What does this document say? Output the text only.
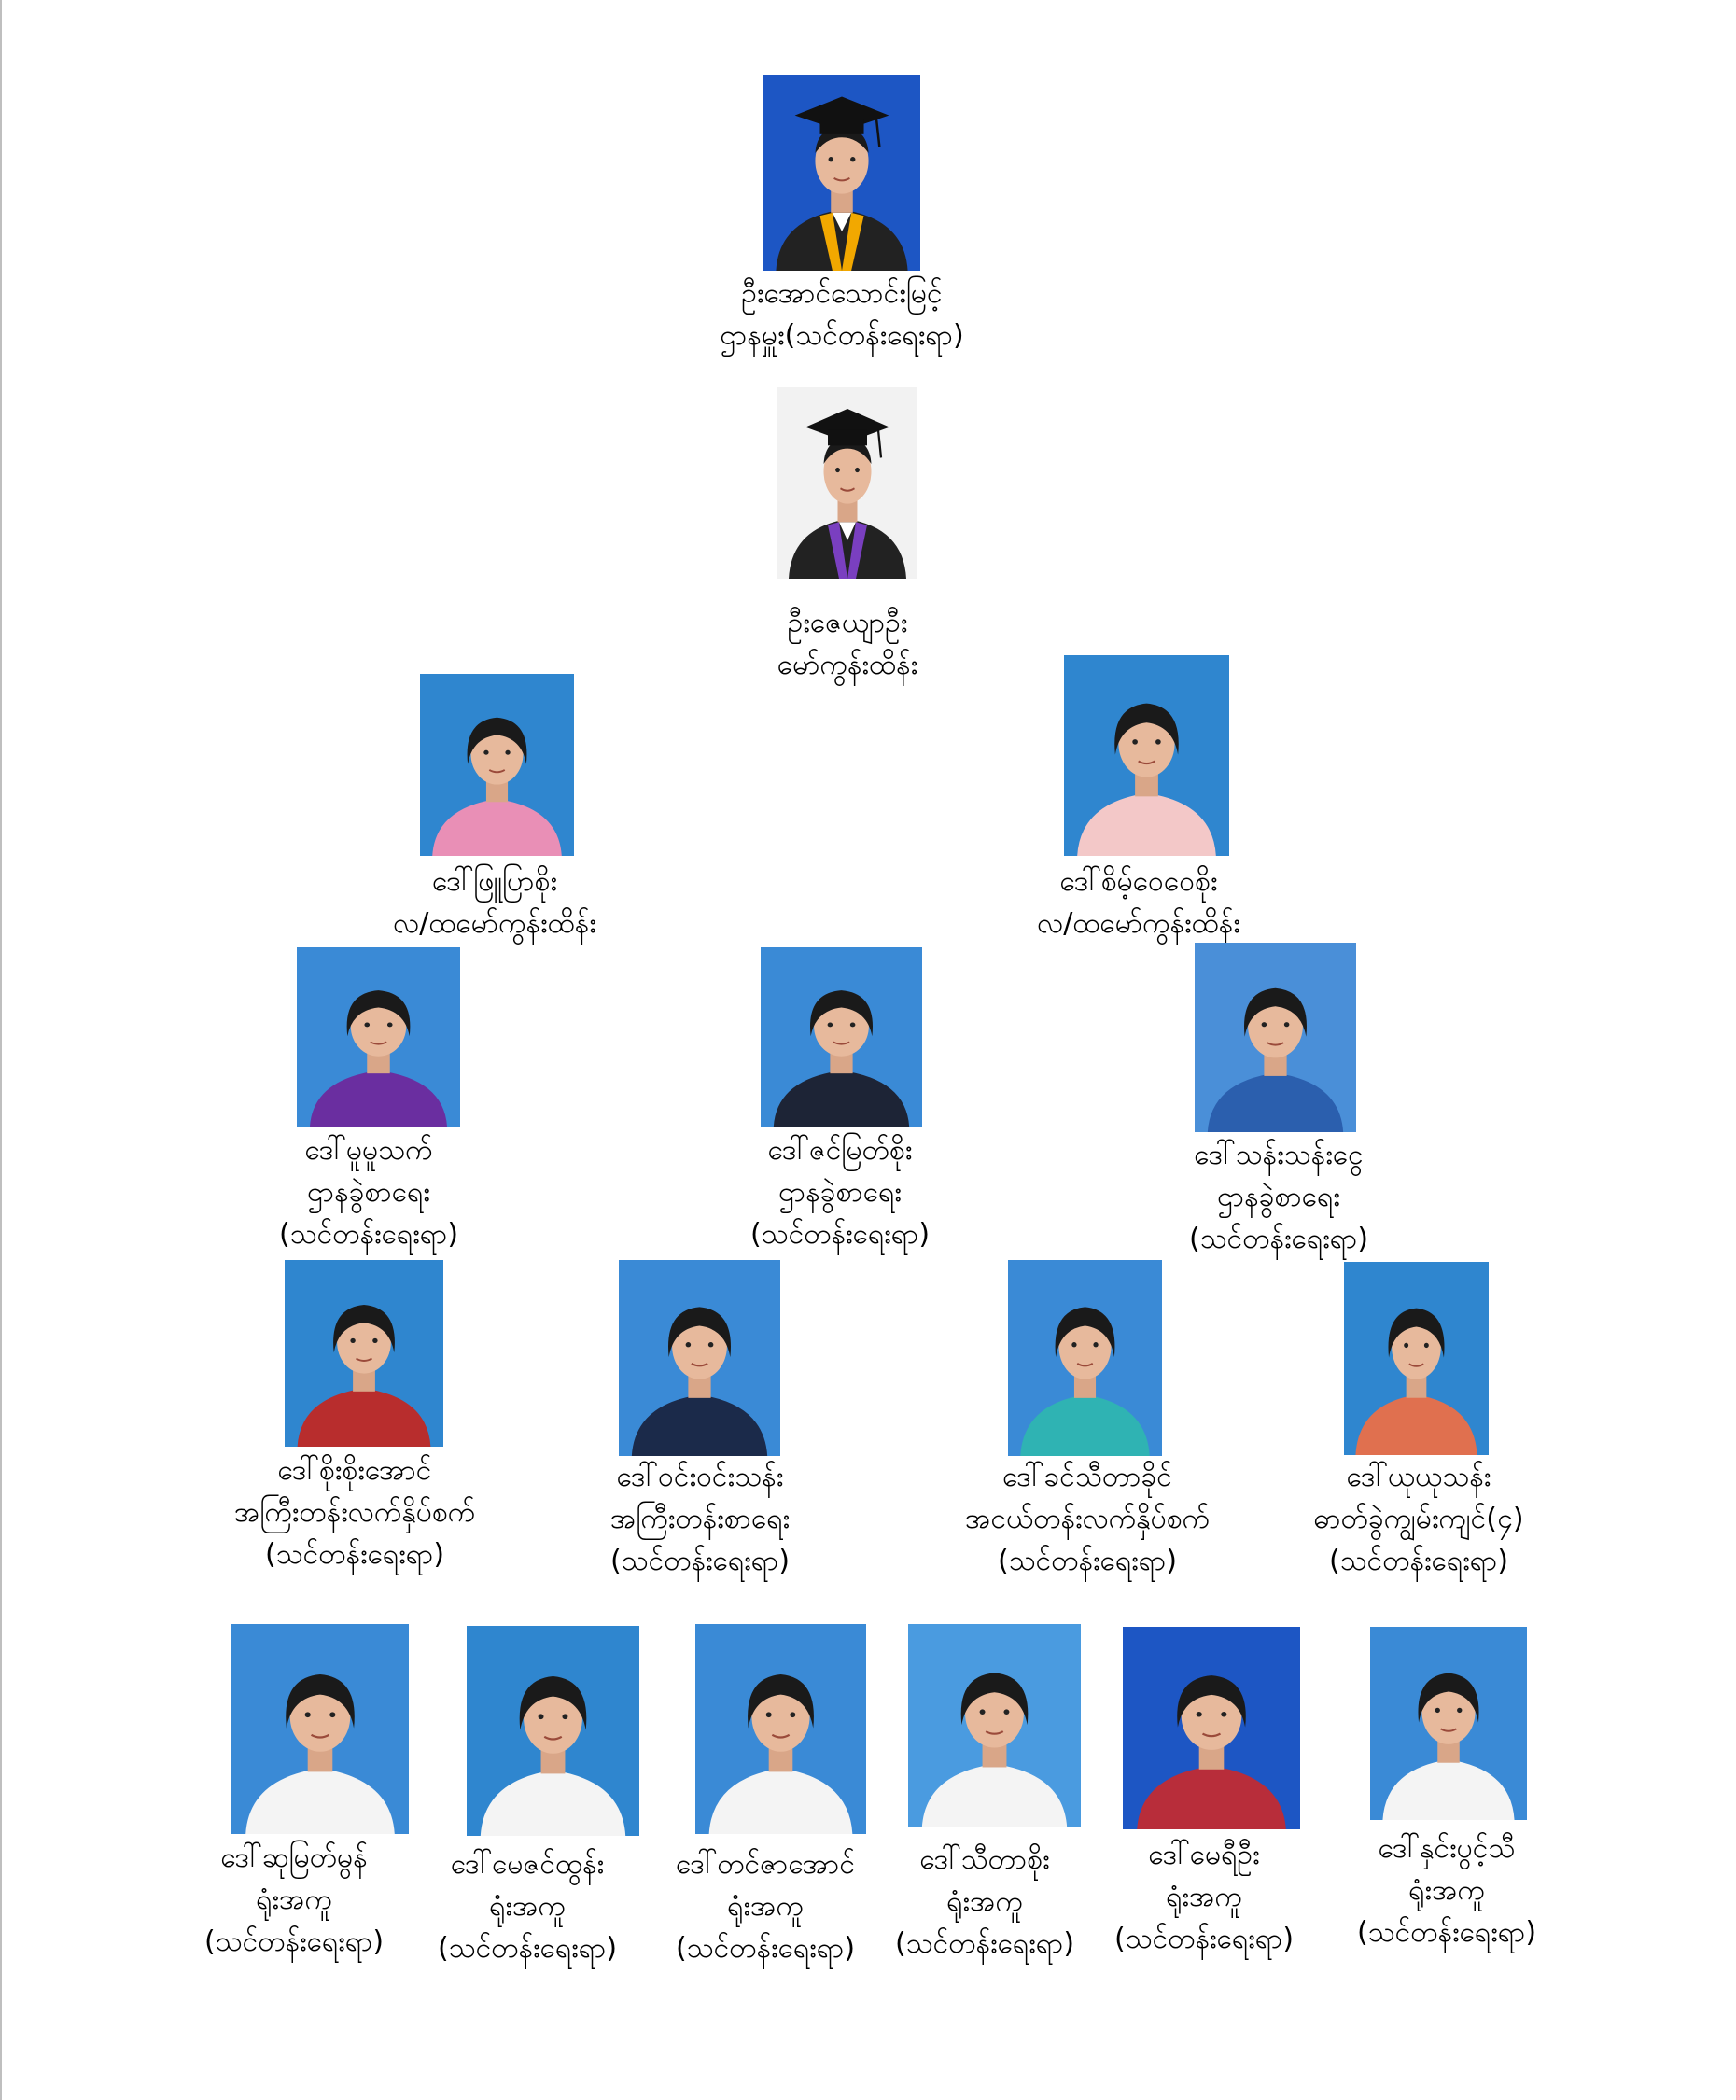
ဦးအောင်သောင်းမြင့်
ဌာနမှူး(သင်တန်းရေးရာ)
ဦးဇေယျာဦး
မော်ကွန်းထိန်း
ဒေါ်ဖြူပြာစိုး
လ/ထမော်ကွန်းထိန်း
ဒေါ်စိမ့်ဝေဝေစိုး
လ/ထမော်ကွန်းထိန်း
ဒေါ်မူမူသက်
ဌာနခွဲစာရေး
(သင်တန်းရေးရာ)
ဒေါ်ဇင်မြတ်စိုး
ဌာနခွဲစာရေး
(သင်တန်းရေးရာ)
ဒေါ်သန်းသန်းငွေ
ဌာနခွဲစာရေး
(သင်တန်းရေးရာ)
ဒေါ်စိုးစိုးအောင်
အကြီးတန်းလက်နှိပ်စက်
(သင်တန်းရေးရာ)
ဒေါ်ဝင်းဝင်းသန်း
အကြီးတန်းစာရေး
(သင်တန်းရေးရာ)
ဒေါ်ခင်သီတာခိုင်
အငယ်တန်းလက်နှိပ်စက်
(သင်တန်းရေးရာ)
ဒေါ်ယုယုသန်း
ဓာတ်ခွဲကျွမ်းကျင်(၄)
(သင်တန်းရေးရာ)
ဒေါ်ဆုမြတ်မွန်
ရုံးအကူ
(သင်တန်းရေးရာ)
ဒေါ်မေဇင်ထွန်း
ရုံးအကူ
(သင်တန်းရေးရာ)
ဒေါ်တင်ဇာအောင်
ရုံးအကူ
(သင်တန်းရေးရာ)
ဒေါ်သီတာစိုး
ရုံးအကူ
(သင်တန်းရေးရာ)
ဒေါ်မေရီဦး
ရုံးအကူ
(သင်တန်းရေးရာ)
ဒေါ်နှင်းပွင့်သီ
ရုံးအကူ
(သင်တန်းရေးရာ)
